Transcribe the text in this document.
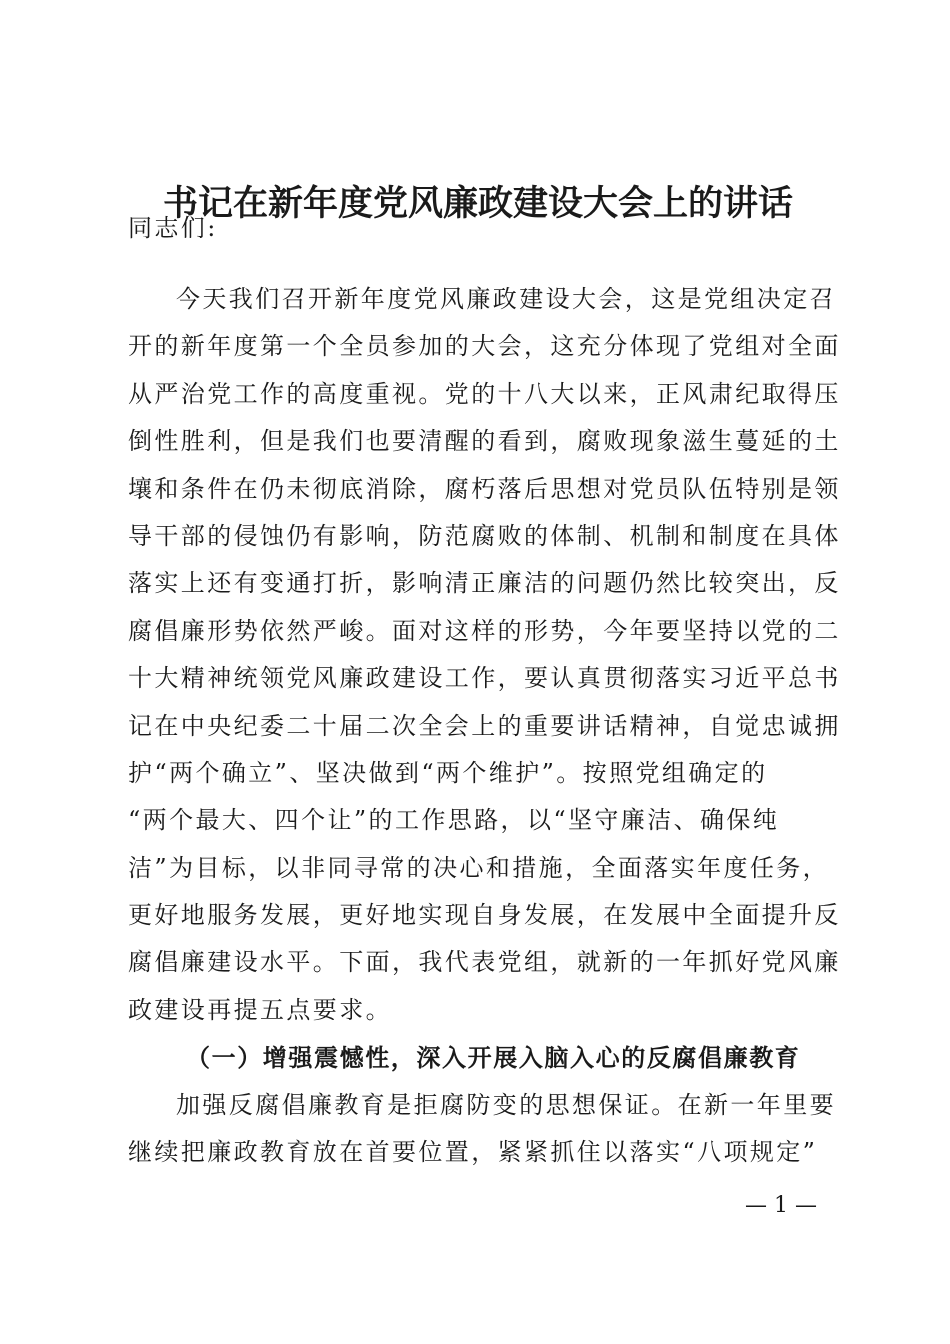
书记在新年度党风廉政建设大会上的讲话
同志们:
今天我们召开新年度党风廉政建设大会，这是党组决定召
开的新年度第一个全员参加的大会，这充分体现了党组对全面
从严治党工作的高度重视。党的十八大以来，正风肃纪取得压
倒性胜利，但是我们也要清醒的看到，腐败现象滋生蔓延的土
壤和条件在仍未彻底消除，腐朽落后思想对党员队伍特别是领
导干部的侵蚀仍有影响，防范腐败的体制、机制和制度在具体
落实上还有变通打折，影响清正廉洁的问题仍然比较突出，反
腐倡廉形势依然严峻。面对这样的形势，今年要坚持以党的二
十大精神统领党风廉政建设工作，要认真贯彻落实习近平总书
记在中央纪委二十届二次全会上的重要讲话精神，自觉忠诚拥
护“两个确立”、坚决做到“两个维护”。按照党组确定的
“两个最大、四个让”的工作思路，以“坚守廉洁、确保纯
洁”为目标，以非同寻常的决心和措施，全面落实年度任务，
更好地服务发展，更好地实现自身发展，在发展中全面提升反
腐倡廉建设水平。下面，我代表党组，就新的一年抓好党风廉
政建设再提五点要求。
（一）增强震憾性，深入开展入脑入心的反腐倡廉教育
加强反腐倡廉教育是拒腐防变的思想保证。在新一年里要
继续把廉政教育放在首要位置，紧紧抓住以落实“八项规定”
— 1 —
